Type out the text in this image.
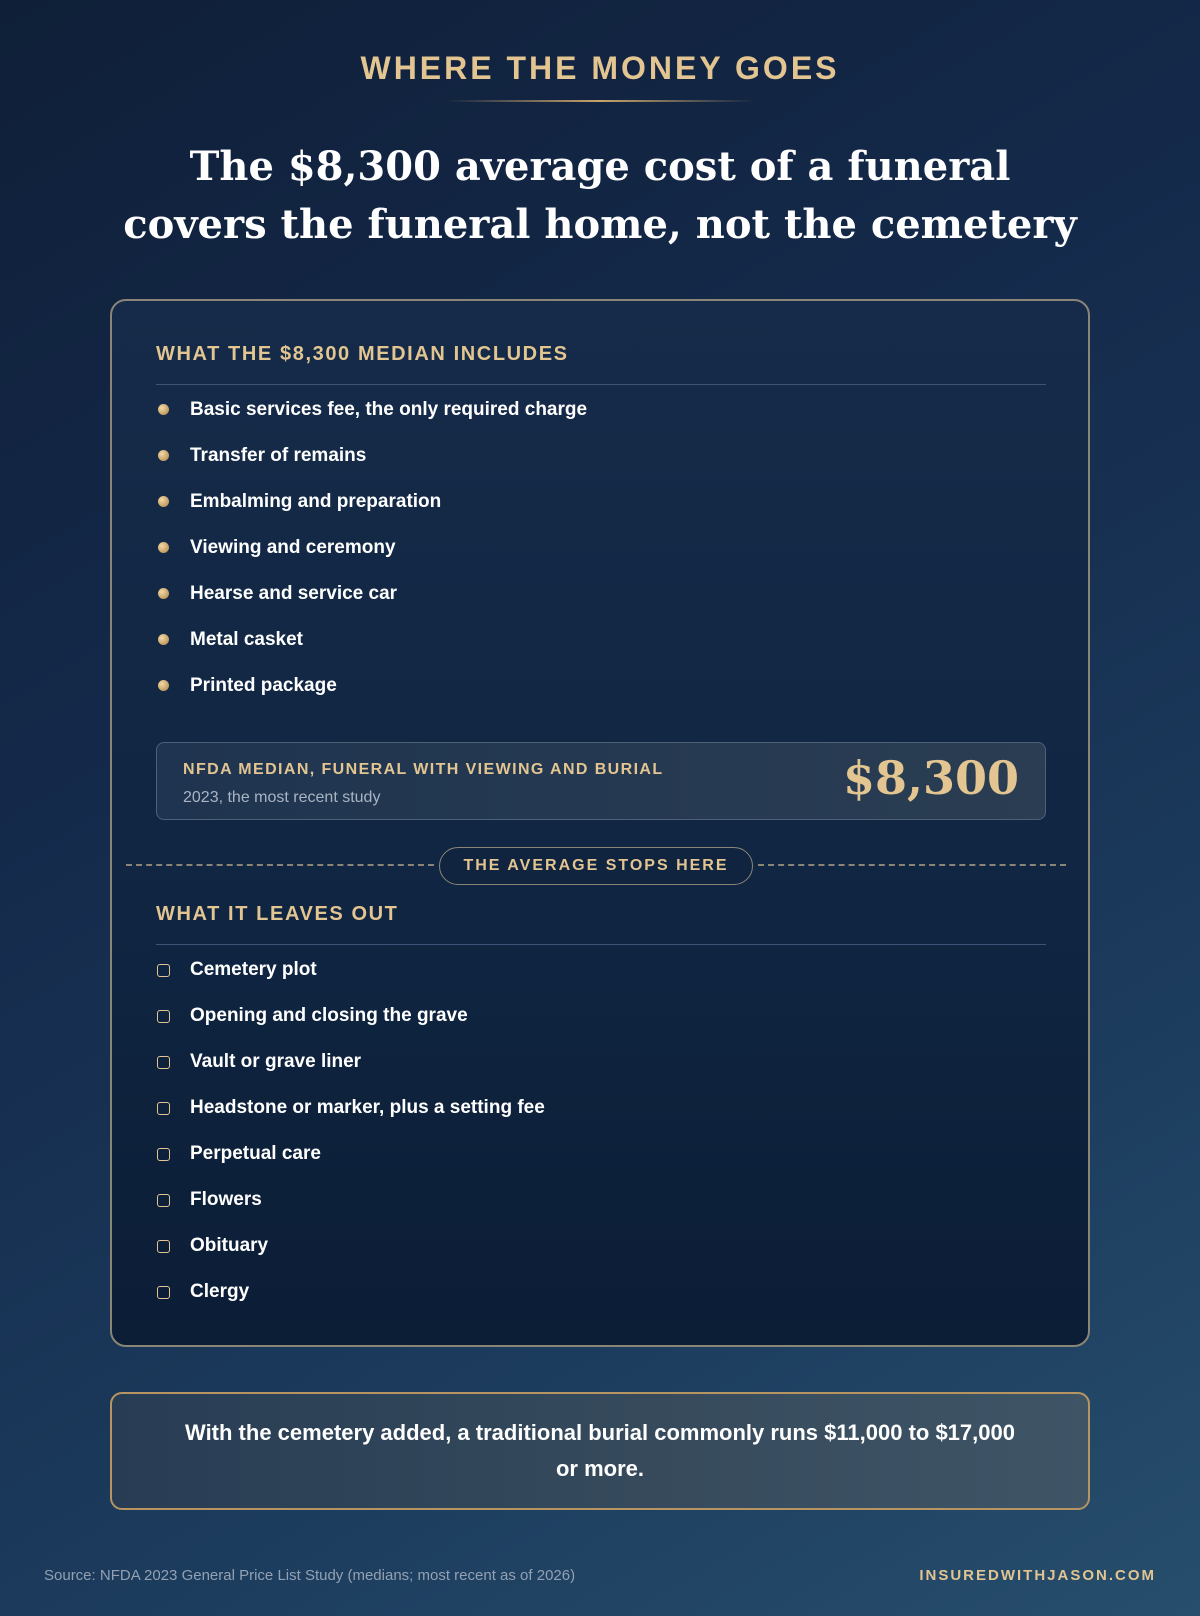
WHERE THE MONEY GOES
The $8,300 average cost of a funeral
covers the funeral home, not the cemetery
WHAT THE $8,300 MEDIAN INCLUDES
Basic services fee, the only required charge
Transfer of remains
Embalming and preparation
Viewing and ceremony
Hearse and service car
Metal casket
Printed package
NFDA MEDIAN, FUNERAL WITH VIEWING AND BURIAL
2023, the most recent study	$8,300
THE AVERAGE STOPS HERE
WHAT IT LEAVES OUT
Cemetery plot
Opening and closing the grave
Vault or grave liner
Headstone or marker, plus a setting fee
Perpetual care
Flowers
Obituary
Clergy
With the cemetery added, a traditional burial commonly runs $11,000 to $17,000 or more.
Source: NFDA 2023 General Price List Study (medians; most recent as of 2026)	INSUREDWITHJASON.COM
